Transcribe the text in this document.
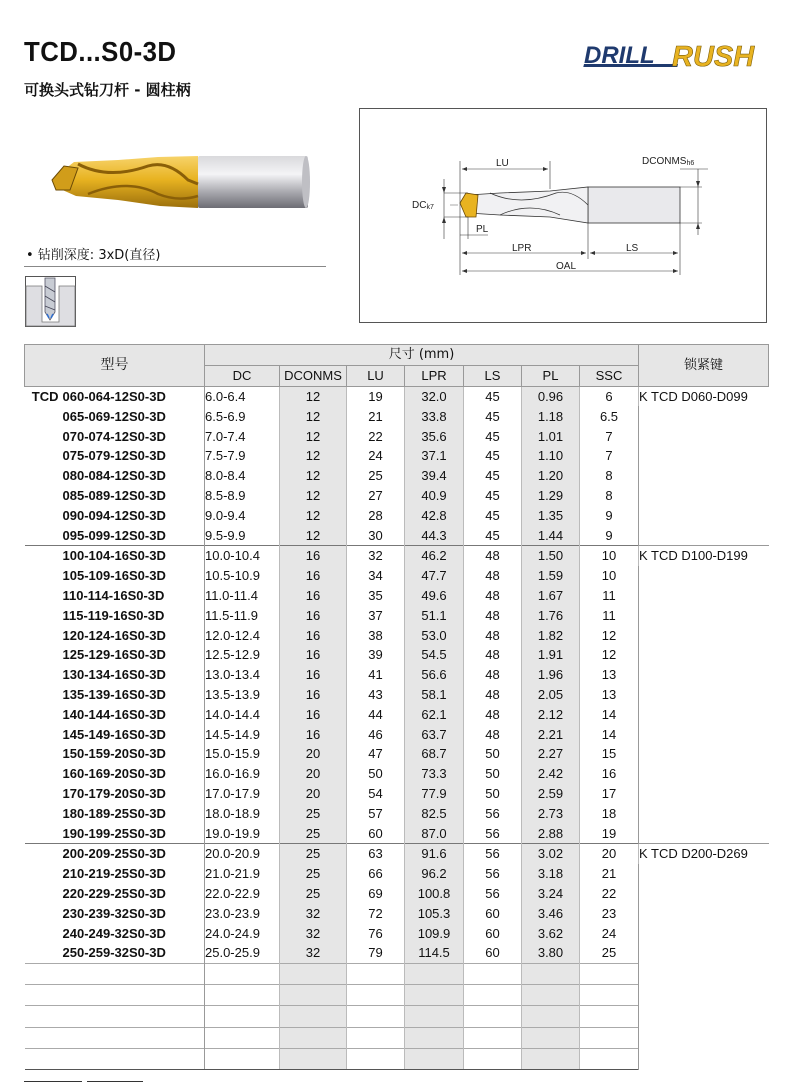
TCD...S0-3D
可换头式钻刀杆 - 圆柱柄
DRILL RUSH
• 钻削深度: 3xD(直径)
LU	DCONMSh6
DCk7
PL
LPR	LS
OAL
型号	尺寸 (mm)							锁紧键
	DC	DCONMS	LU	LPR	LS	PL	SSC	
TCD 060-064-12S0-3D	6.0-6.4	12	19	32.0	45	0.96	6	K TCD D060-D099
065-069-12S0-3D	6.5-6.9	12	21	33.8	45	1.18	6.5	
070-074-12S0-3D	7.0-7.4	12	22	35.6	45	1.01	7	
075-079-12S0-3D	7.5-7.9	12	24	37.1	45	1.10	7	
080-084-12S0-3D	8.0-8.4	12	25	39.4	45	1.20	8	
085-089-12S0-3D	8.5-8.9	12	27	40.9	45	1.29	8	
090-094-12S0-3D	9.0-9.4	12	28	42.8	45	1.35	9	
095-099-12S0-3D	9.5-9.9	12	30	44.3	45	1.44	9	
100-104-16S0-3D	10.0-10.4	16	32	46.2	48	1.50	10	K TCD D100-D199
105-109-16S0-3D	10.5-10.9	16	34	47.7	48	1.59	10	
110-114-16S0-3D	11.0-11.4	16	35	49.6	48	1.67	11	
115-119-16S0-3D	11.5-11.9	16	37	51.1	48	1.76	11	
120-124-16S0-3D	12.0-12.4	16	38	53.0	48	1.82	12	
125-129-16S0-3D	12.5-12.9	16	39	54.5	48	1.91	12	
130-134-16S0-3D	13.0-13.4	16	41	56.6	48	1.96	13	
135-139-16S0-3D	13.5-13.9	16	43	58.1	48	2.05	13	
140-144-16S0-3D	14.0-14.4	16	44	62.1	48	2.12	14	
145-149-16S0-3D	14.5-14.9	16	46	63.7	48	2.21	14	
150-159-20S0-3D	15.0-15.9	20	47	68.7	50	2.27	15	
160-169-20S0-3D	16.0-16.9	20	50	73.3	50	2.42	16	
170-179-20S0-3D	17.0-17.9	20	54	77.9	50	2.59	17	
180-189-25S0-3D	18.0-18.9	25	57	82.5	56	2.73	18	
190-199-25S0-3D	19.0-19.9	25	60	87.0	56	2.88	19	
200-209-25S0-3D	20.0-20.9	25	63	91.6	56	3.02	20	K TCD D200-D269
210-219-25S0-3D	21.0-21.9	25	66	96.2	56	3.18	21	
220-229-25S0-3D	22.0-22.9	25	69	100.8	56	3.24	22	
230-239-32S0-3D	23.0-23.9	32	72	105.3	60	3.46	23	
240-249-32S0-3D	24.0-24.9	32	76	109.9	60	3.62	24	
250-259-32S0-3D	25.0-25.9	32	79	114.5	60	3.80	25	
